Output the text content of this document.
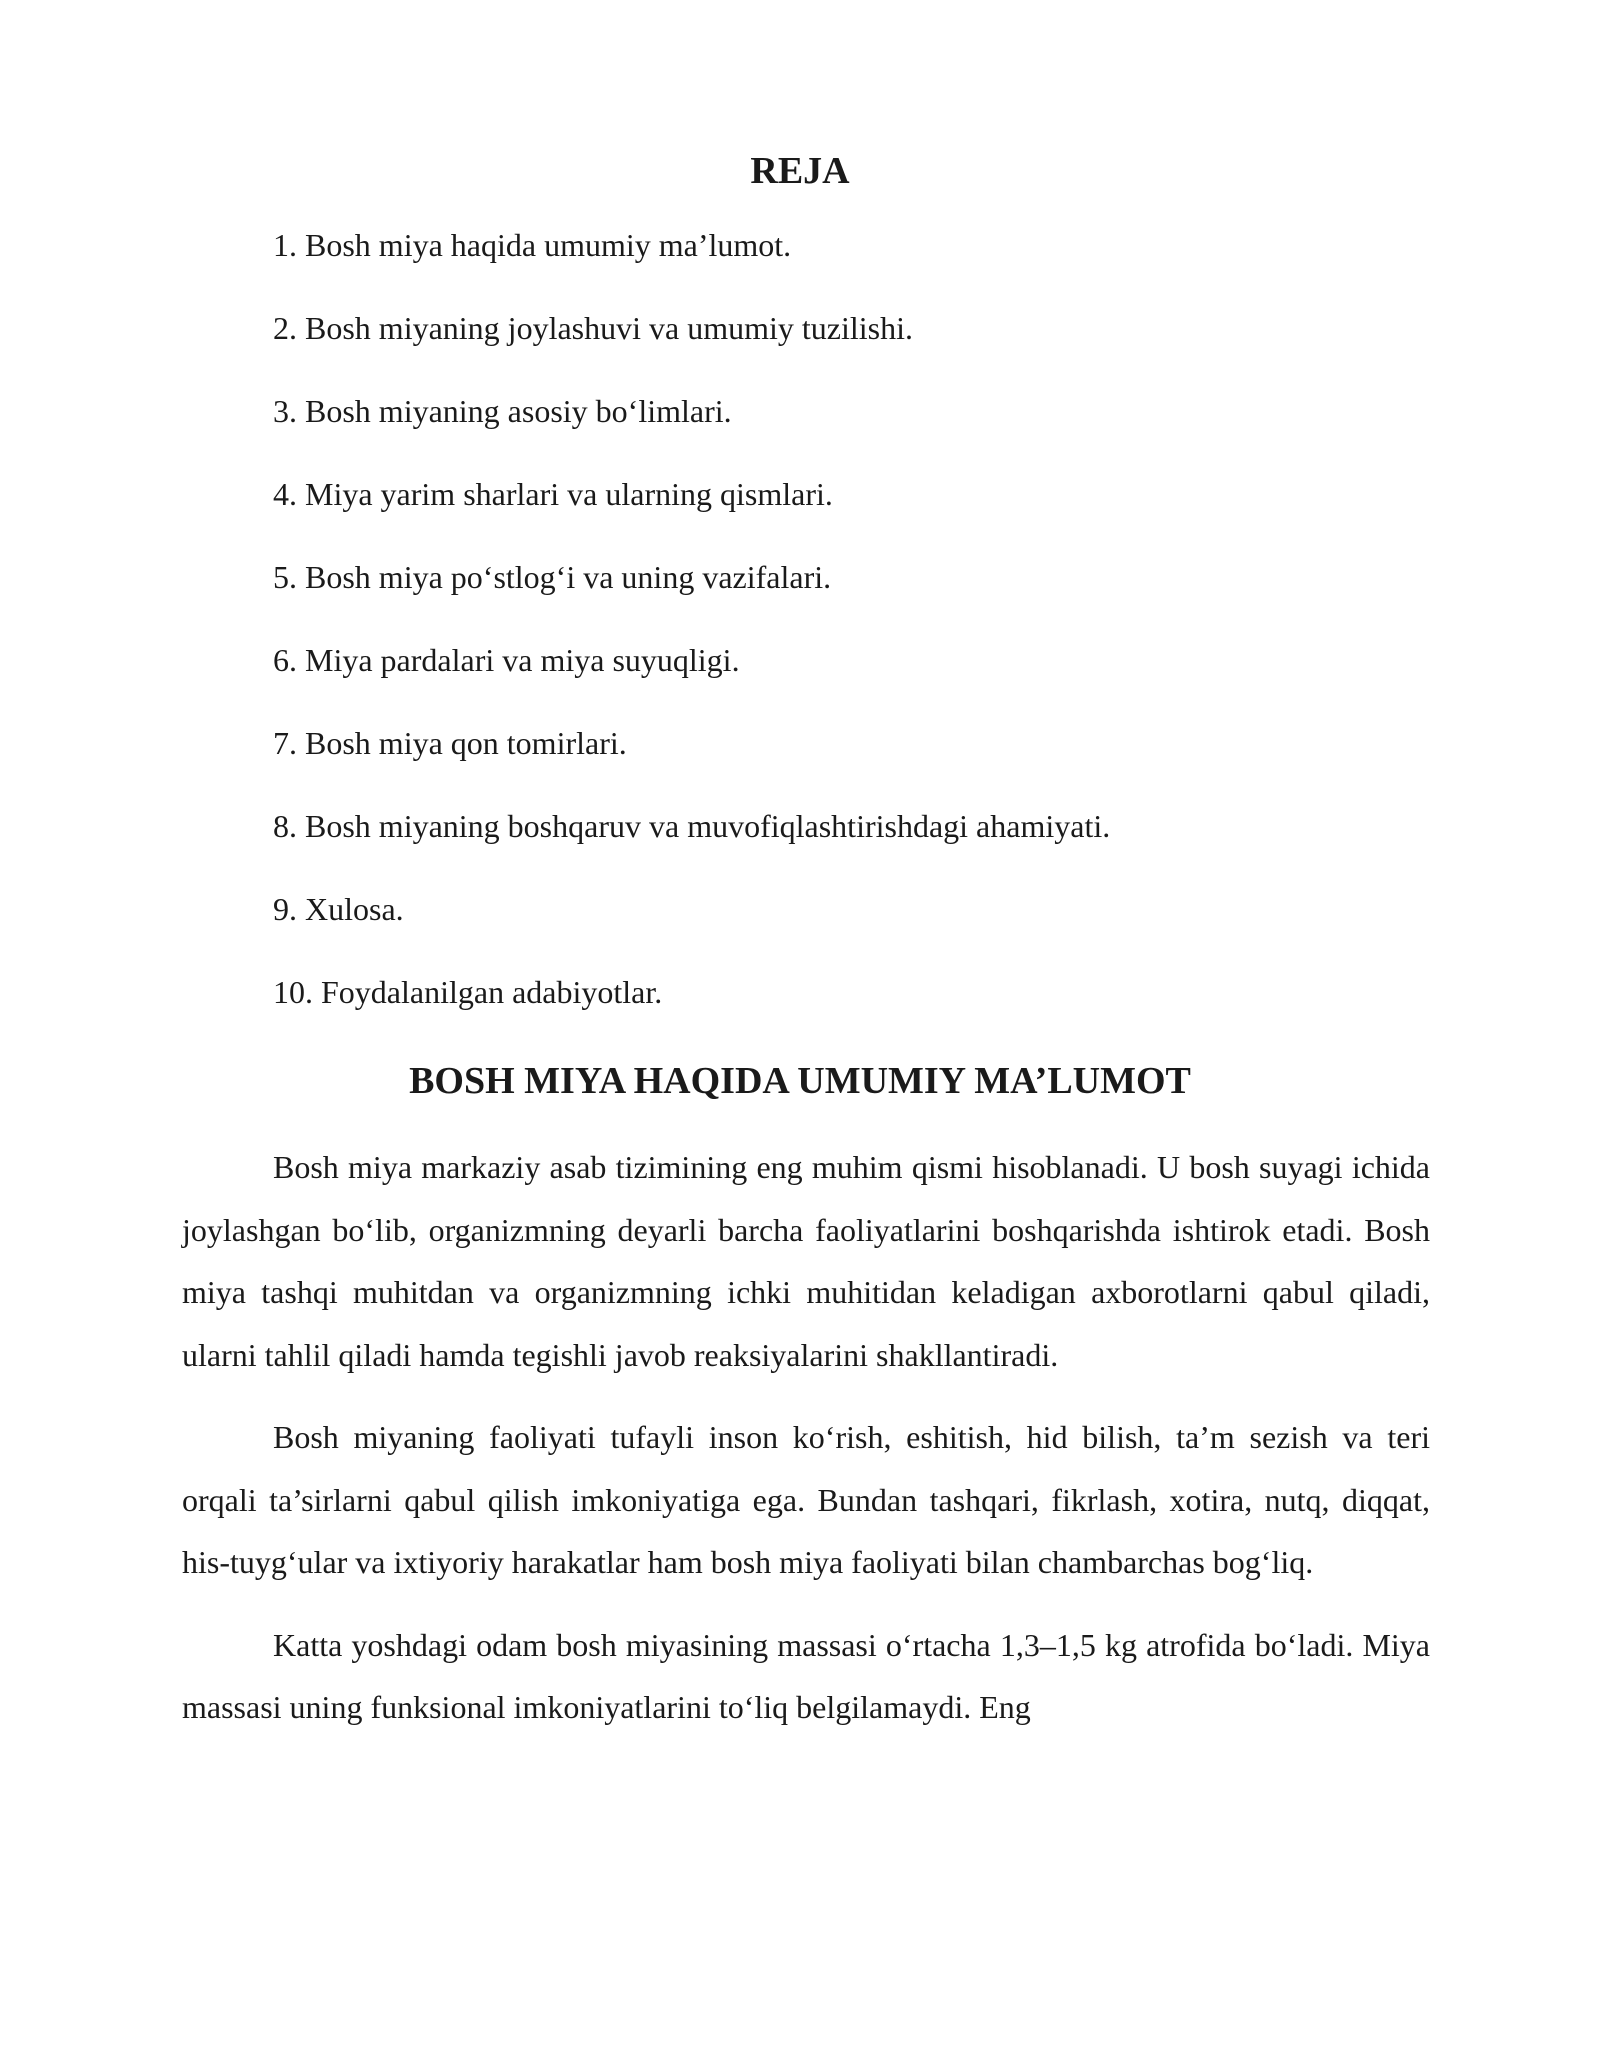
REJA
1. Bosh miya haqida umumiy ma’lumot.
2. Bosh miyaning joylashuvi va umumiy tuzilishi.
3. Bosh miyaning asosiy bo‘limlari.
4. Miya yarim sharlari va ularning qismlari.
5. Bosh miya po‘stlog‘i va uning vazifalari.
6. Miya pardalari va miya suyuqligi.
7. Bosh miya qon tomirlari.
8. Bosh miyaning boshqaruv va muvofiqlashtirishdagi ahamiyati.
9. Xulosa.
10. Foydalanilgan adabiyotlar.
BOSH MIYA HAQIDA UMUMIY MA’LUMOT

Bosh miya markaziy asab tizimining eng muhim qismi hisoblanadi. U bosh suyagi ichida joylashgan bo‘lib, organizmning deyarli barcha faoliyatlarini boshqarishda ishtirok etadi. Bosh miya tashqi muhitdan va organizmning ichki muhitidan keladigan axborotlarni qabul qiladi, ularni tahlil qiladi hamda tegishli javob reaksiyalarini shakllantiradi.

Bosh miyaning faoliyati tufayli inson ko‘rish, eshitish, hid bilish, ta’m sezish va teri orqali ta’sirlarni qabul qilish imkoniyatiga ega. Bundan tashqari, fikrlash, xotira, nutq, diqqat, his-tuyg‘ular va ixtiyoriy harakatlar ham bosh miya faoliyati bilan chambarchas bog‘liq.

Katta yoshdagi odam bosh miyasining massasi o‘rtacha 1,3–1,5 kg atrofida bo‘ladi. Miya massasi uning funksional imkoniyatlarini to‘liq belgilamaydi. Eng
